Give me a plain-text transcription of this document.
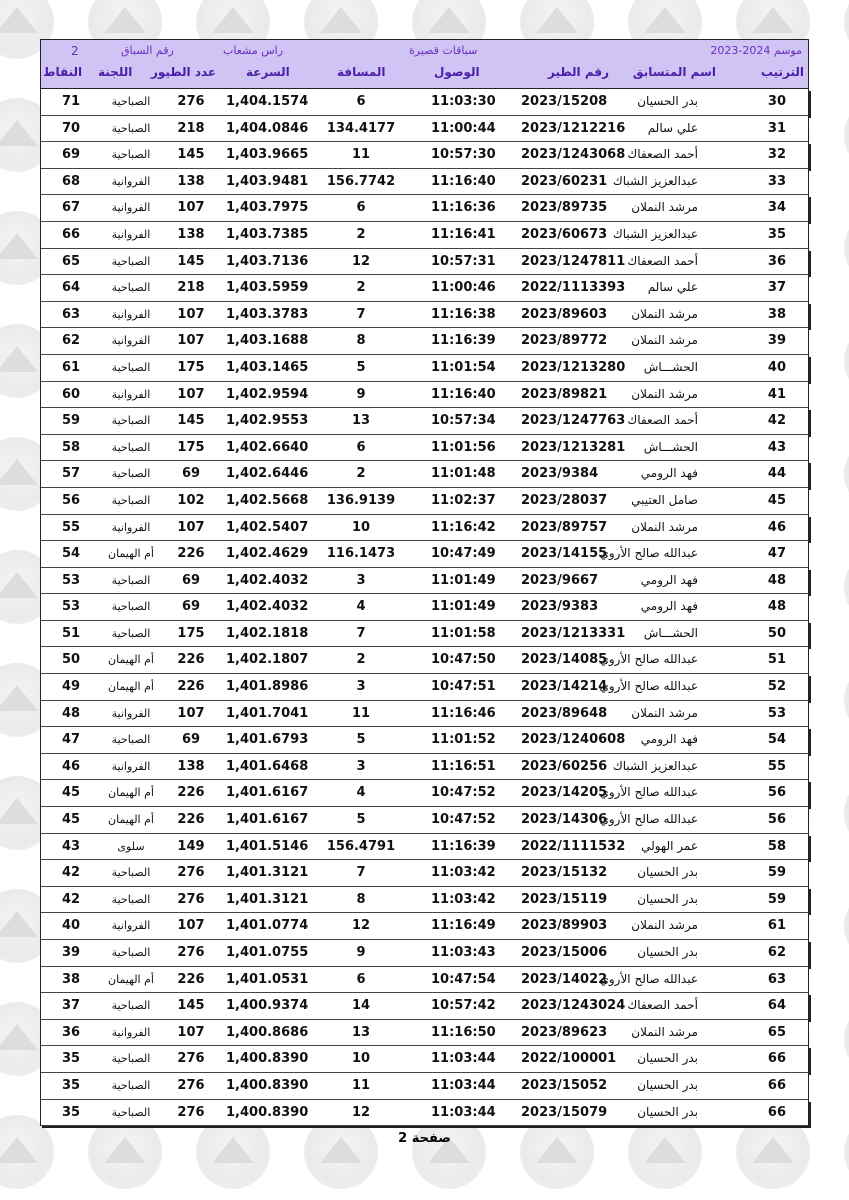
موسم 2024-2023
سباقات قصيرة
راس مشعاب
رقم السباق
2
الترتيب
اسم المتسابق
رقم الطير
الوصول
المسافة
السرعة
عدد الطيور
اللجنة
النقاط
30
بدر الحسيان
2023/15208
11:03:30
6
1,404.1574
276
الصباحية
71
31
علي سالم
2023/1212216
11:00:44
134.4177
1,404.0846
218
الصباحية
70
32
أحمد الصعفاك
2023/1243068
10:57:30
11
1,403.9665
145
الصباحية
69
33
عبدالعزيز الشباك
2023/60231
11:16:40
156.7742
1,403.9481
138
الفروانية
68
34
مرشد النملان
2023/89735
11:16:36
6
1,403.7975
107
الفروانية
67
35
عبدالعزيز الشباك
2023/60673
11:16:41
2
1,403.7385
138
الفروانية
66
36
أحمد الصعفاك
2023/1247811
10:57:31
12
1,403.7136
145
الصباحية
65
37
علي سالم
2022/1113393
11:00:46
2
1,403.5959
218
الصباحية
64
38
مرشد النملان
2023/89603
11:16:38
7
1,403.3783
107
الفروانية
63
39
مرشد النملان
2023/89772
11:16:39
8
1,403.1688
107
الفروانية
62
40
الحشـــاش
2023/1213280
11:01:54
5
1,403.1465
175
الصباحية
61
41
مرشد النملان
2023/89821
11:16:40
9
1,402.9594
107
الفروانية
60
42
أحمد الصعفاك
2023/1247763
10:57:34
13
1,402.9553
145
الصباحية
59
43
الحشـــاش
2023/1213281
11:01:56
6
1,402.6640
175
الصباحية
58
44
فهد الرومي
2023/9384
11:01:48
2
1,402.6446
69
الصباحية
57
45
صامل العتيبي
2023/28037
11:02:37
136.9139
1,402.5668
102
الصباحية
56
46
مرشد النملان
2023/89757
11:16:42
10
1,402.5407
107
الفروانية
55
47
عبدالله صالح الأروي
2023/14155
10:47:49
116.1473
1,402.4629
226
أم الهيمان
54
48
فهد الرومي
2023/9667
11:01:49
3
1,402.4032
69
الصباحية
53
48
فهد الرومي
2023/9383
11:01:49
4
1,402.4032
69
الصباحية
53
50
الحشـــاش
2023/1213331
11:01:58
7
1,402.1818
175
الصباحية
51
51
عبدالله صالح الأروي
2023/14085
10:47:50
2
1,402.1807
226
أم الهيمان
50
52
عبدالله صالح الأروي
2023/14214
10:47:51
3
1,401.8986
226
أم الهيمان
49
53
مرشد النملان
2023/89648
11:16:46
11
1,401.7041
107
الفروانية
48
54
فهد الرومي
2023/1240608
11:01:52
5
1,401.6793
69
الصباحية
47
55
عبدالعزيز الشباك
2023/60256
11:16:51
3
1,401.6468
138
الفروانية
46
56
عبدالله صالح الأروي
2023/14205
10:47:52
4
1,401.6167
226
أم الهيمان
45
56
عبدالله صالح الأروي
2023/14306
10:47:52
5
1,401.6167
226
أم الهيمان
45
58
عمر الهولي
2022/1111532
11:16:39
156.4791
1,401.5146
149
سلوى
43
59
بدر الحسيان
2023/15132
11:03:42
7
1,401.3121
276
الصباحية
42
59
بدر الحسيان
2023/15119
11:03:42
8
1,401.3121
276
الصباحية
42
61
مرشد النملان
2023/89903
11:16:49
12
1,401.0774
107
الفروانية
40
62
بدر الحسيان
2023/15006
11:03:43
9
1,401.0755
276
الصباحية
39
63
عبدالله صالح الأروي
2023/14022
10:47:54
6
1,401.0531
226
أم الهيمان
38
64
أحمد الصعفاك
2023/1243024
10:57:42
14
1,400.9374
145
الصباحية
37
65
مرشد النملان
2023/89623
11:16:50
13
1,400.8686
107
الفروانية
36
66
بدر الحسيان
2022/100001
11:03:44
10
1,400.8390
276
الصباحية
35
66
بدر الحسيان
2023/15052
11:03:44
11
1,400.8390
276
الصباحية
35
66
بدر الحسيان
2023/15079
11:03:44
12
1,400.8390
276
الصباحية
35
صفحة 2
